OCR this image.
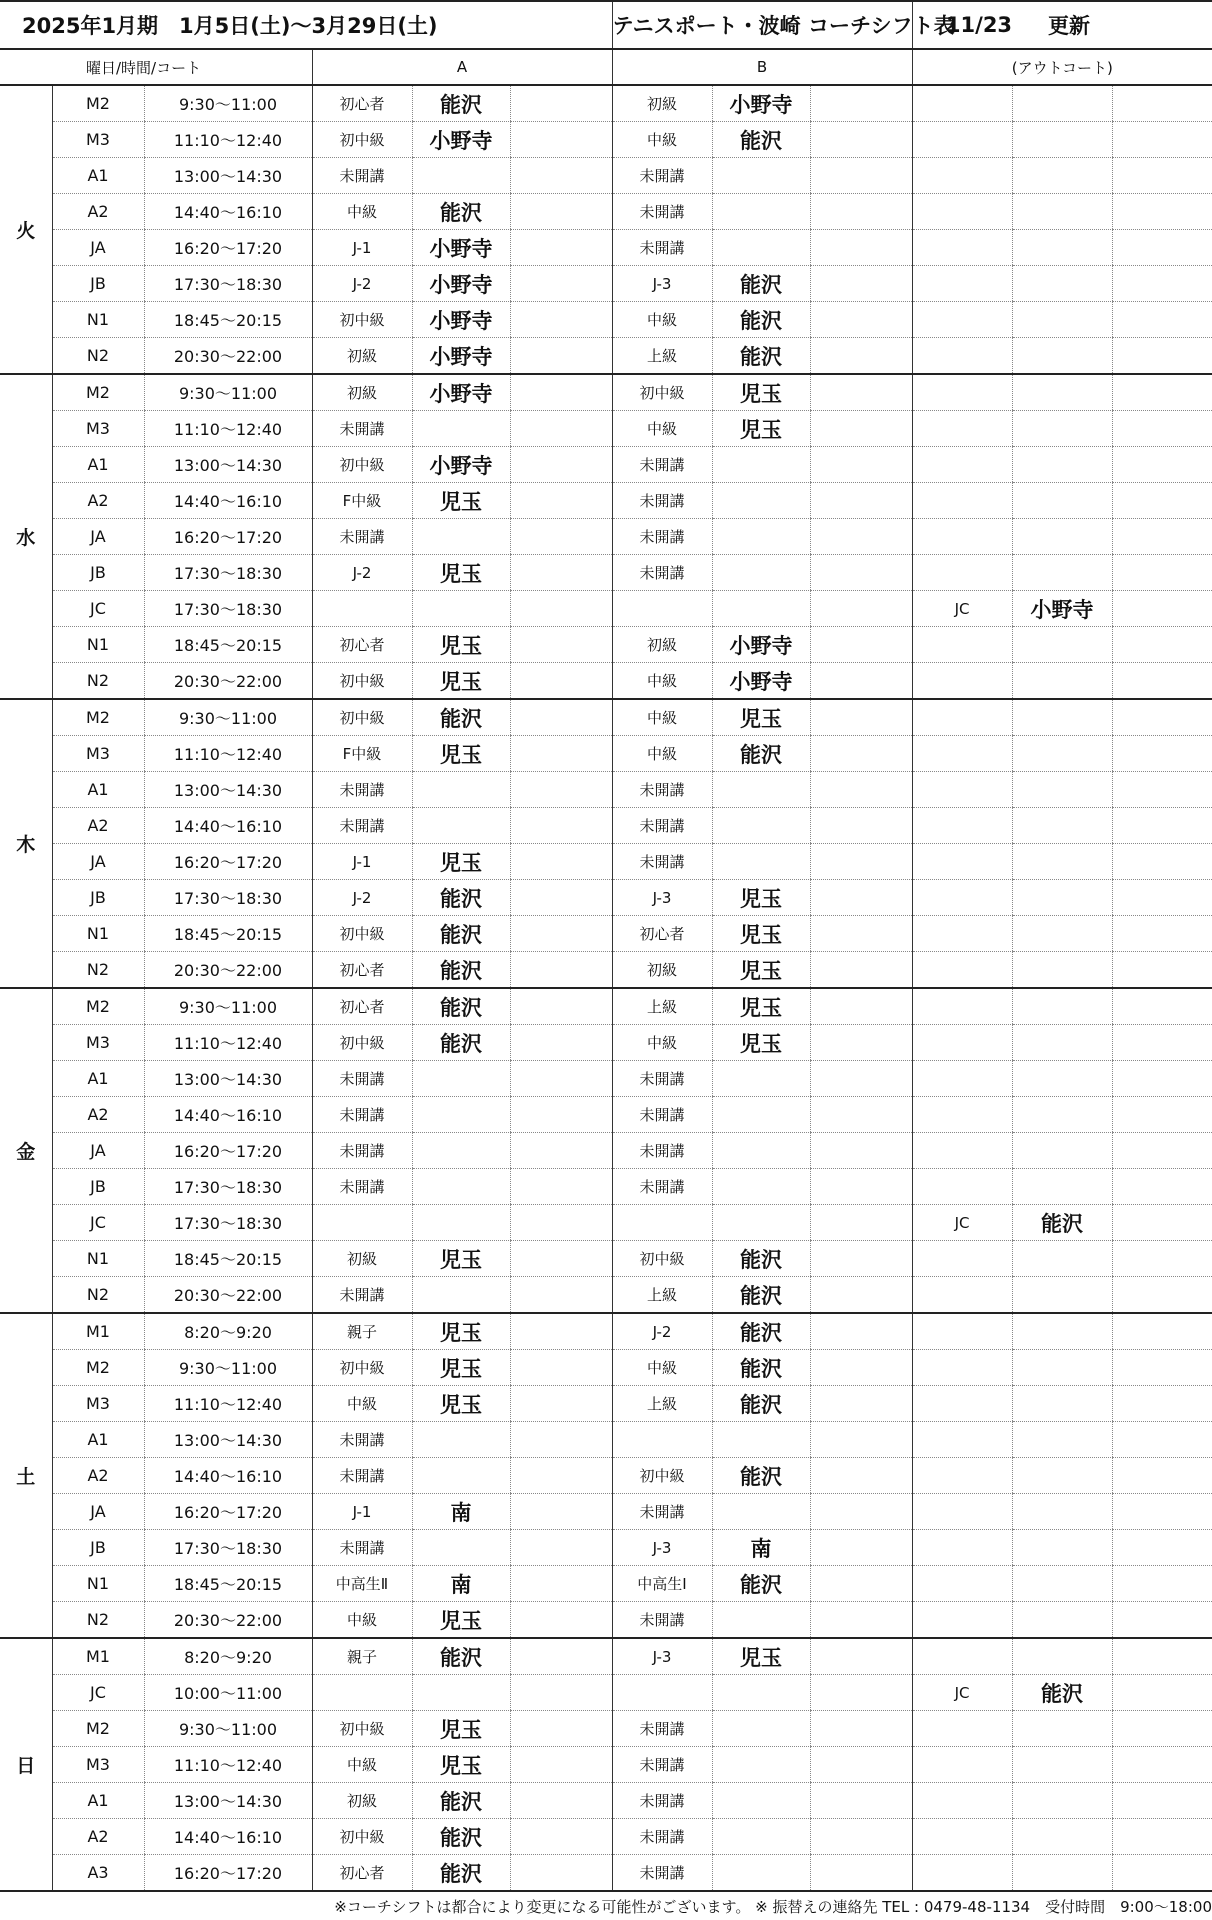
2025年1月期　1月5日(土)～3月29日(土)						テニスポート・波崎 コーチシフト表			11/23	更新	
曜日/時間/コート			A			B			(アウトコート)		
火	M2	9:30～11:00	初心者	能沢		初級	小野寺				
	M3	11:10～12:40	初中級	小野寺		中級	能沢				
	A1	13:00～14:30	未開講			未開講					
	A2	14:40～16:10	中級	能沢		未開講					
	JA	16:20～17:20	J-1	小野寺		未開講					
	JB	17:30～18:30	J-2	小野寺		J-3	能沢				
	N1	18:45～20:15	初中級	小野寺		中級	能沢				
	N2	20:30～22:00	初級	小野寺		上級	能沢				
水	M2	9:30～11:00	初級	小野寺		初中級	児玉				
	M3	11:10～12:40	未開講			中級	児玉				
	A1	13:00～14:30	初中級	小野寺		未開講					
	A2	14:40～16:10	F中級	児玉		未開講					
	JA	16:20～17:20	未開講			未開講					
	JB	17:30～18:30	J-2	児玉		未開講					
	JC	17:30～18:30							JC	小野寺	
	N1	18:45～20:15	初心者	児玉		初級	小野寺				
	N2	20:30～22:00	初中級	児玉		中級	小野寺				
木	M2	9:30～11:00	初中級	能沢		中級	児玉				
	M3	11:10～12:40	F中級	児玉		中級	能沢				
	A1	13:00～14:30	未開講			未開講					
	A2	14:40～16:10	未開講			未開講					
	JA	16:20～17:20	J-1	児玉		未開講					
	JB	17:30～18:30	J-2	能沢		J-3	児玉				
	N1	18:45～20:15	初中級	能沢		初心者	児玉				
	N2	20:30～22:00	初心者	能沢		初級	児玉				
金	M2	9:30～11:00	初心者	能沢		上級	児玉				
	M3	11:10～12:40	初中級	能沢		中級	児玉				
	A1	13:00～14:30	未開講			未開講					
	A2	14:40～16:10	未開講			未開講					
	JA	16:20～17:20	未開講			未開講					
	JB	17:30～18:30	未開講			未開講					
	JC	17:30～18:30							JC	能沢	
	N1	18:45～20:15	初級	児玉		初中級	能沢				
	N2	20:30～22:00	未開講			上級	能沢				
土	M1	8:20～9:20	親子	児玉		J-2	能沢				
	M2	9:30～11:00	初中級	児玉		中級	能沢				
	M3	11:10～12:40	中級	児玉		上級	能沢				
	A1	13:00～14:30	未開講								
	A2	14:40～16:10	未開講			初中級	能沢				
	JA	16:20～17:20	J-1	南		未開講					
	JB	17:30～18:30	未開講			J-3	南				
	N1	18:45～20:15	中高生Ⅱ	南		中高生Ⅰ	能沢				
	N2	20:30～22:00	中級	児玉		未開講					
日	M1	8:20～9:20	親子	能沢		J-3	児玉				
	JC	10:00～11:00							JC	能沢	
	M2	9:30～11:00	初中級	児玉		未開講					
	M3	11:10～12:40	中級	児玉		未開講					
	A1	13:00～14:30	初級	能沢		未開講					
	A2	14:40～16:10	初中級	能沢		未開講					
	A3	16:20～17:20	初心者	能沢		未開講					
※コーチシフトは都合により変更になる可能性がございます。 ※ 振替えの連絡先 TEL : 0479-48-1134　受付時間　9:00～18:00
